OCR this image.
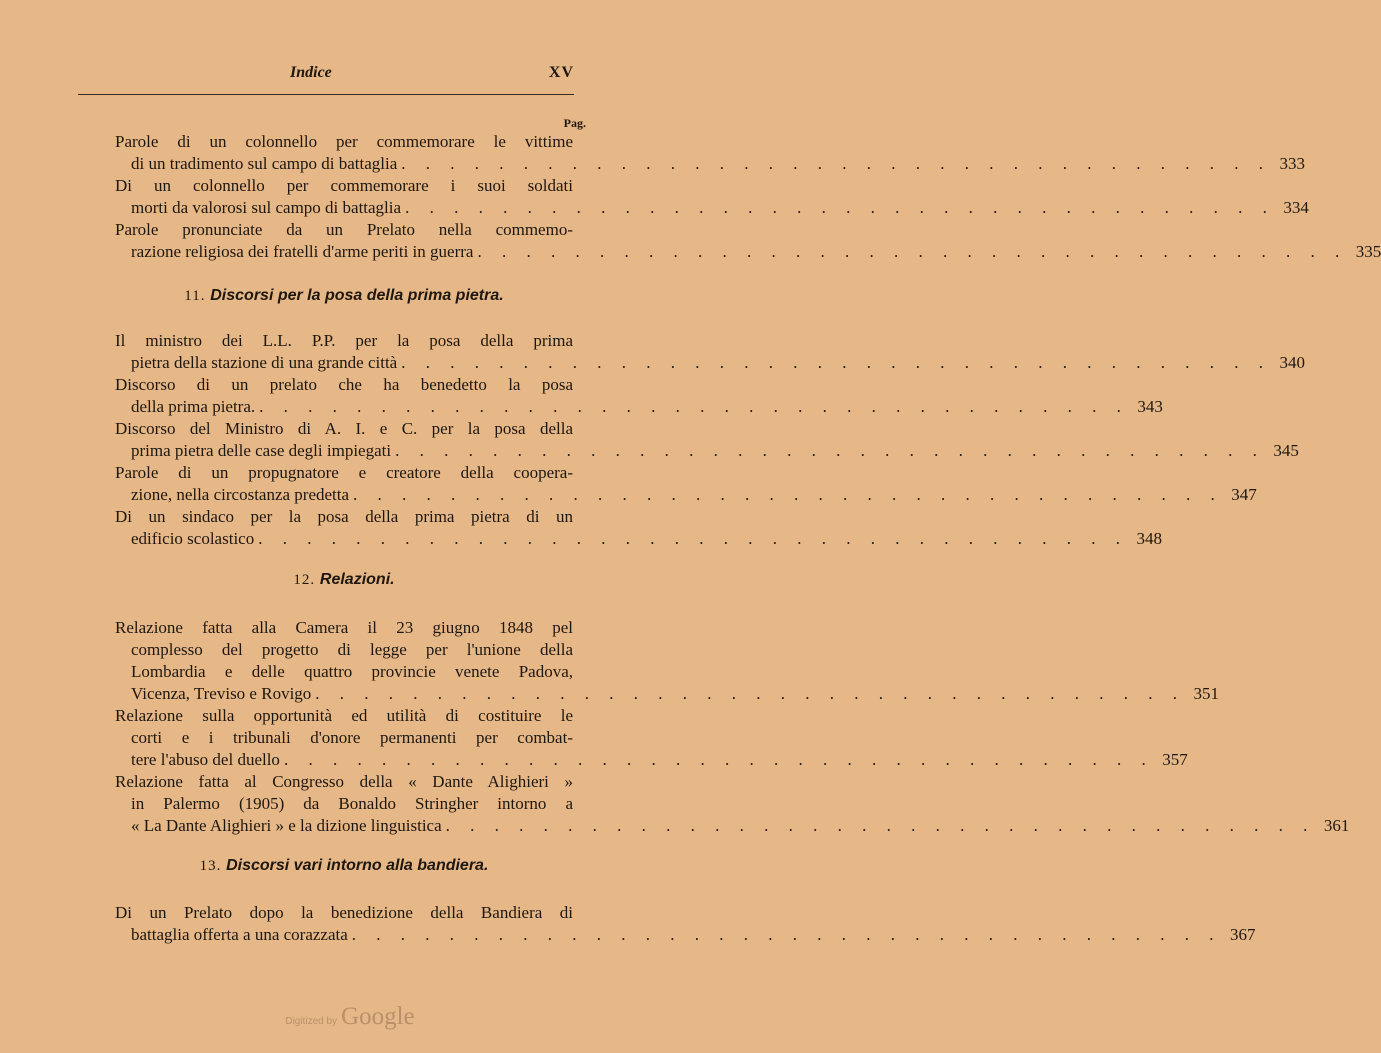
Indice	XV
Pag.
Parole di un colonnello per commemorare le vittime
di un tradimento sul campo di battaglia . . . . . . . . . . . . . . . . . . . . . . . . . . . . . . . . . . . . 333
Di un colonnello per commemorare i suoi soldati
morti da valorosi sul campo di battaglia . . . . . . . . . . . . . . . . . . . . . . . . . . . . . . . . . . . . 334
Parole pronunciate da un Prelato nella commemo-
razione religiosa dei fratelli d'arme periti in guerra . . . . . . . . . . . . . . . . . . . . . . . . . . . . . . . . . . . . 335
11. Discorsi per la posa della prima pietra.
Il ministro dei L.L. P.P. per la posa della prima
pietra della stazione di una grande città . . . . . . . . . . . . . . . . . . . . . . . . . . . . . . . . . . . . 340
Discorso di un prelato che ha benedetto la posa
della prima pietra. . . . . . . . . . . . . . . . . . . . . . . . . . . . . . . . . . . . . 343
Discorso del Ministro di A. I. e C. per la posa della
prima pietra delle case degli impiegati . . . . . . . . . . . . . . . . . . . . . . . . . . . . . . . . . . . . 345
Parole di un propugnatore e creatore della coopera-
zione, nella circostanza predetta . . . . . . . . . . . . . . . . . . . . . . . . . . . . . . . . . . . . 347
Di un sindaco per la posa della prima pietra di un
edificio scolastico . . . . . . . . . . . . . . . . . . . . . . . . . . . . . . . . . . . . 348
12. Relazioni.
Relazione fatta alla Camera il 23 giugno 1848 pel
complesso del progetto di legge per l'unione della
Lombardia e delle quattro provincie venete Padova,
Vicenza, Treviso e Rovigo . . . . . . . . . . . . . . . . . . . . . . . . . . . . . . . . . . . . 351
Relazione sulla opportunità ed utilità di costituire le
corti e i tribunali d'onore permanenti per combat-
tere l'abuso del duello . . . . . . . . . . . . . . . . . . . . . . . . . . . . . . . . . . . . 357
Relazione fatta al Congresso della « Dante Alighieri »
in Palermo (1905) da Bonaldo Stringher intorno a
« La Dante Alighieri » e la dizione linguistica . . . . . . . . . . . . . . . . . . . . . . . . . . . . . . . . . . . . 361
13. Discorsi vari intorno alla bandiera.
Di un Prelato dopo la benedizione della Bandiera di
battaglia offerta a una corazzata . . . . . . . . . . . . . . . . . . . . . . . . . . . . . . . . . . . . 367
Digitized by Google
